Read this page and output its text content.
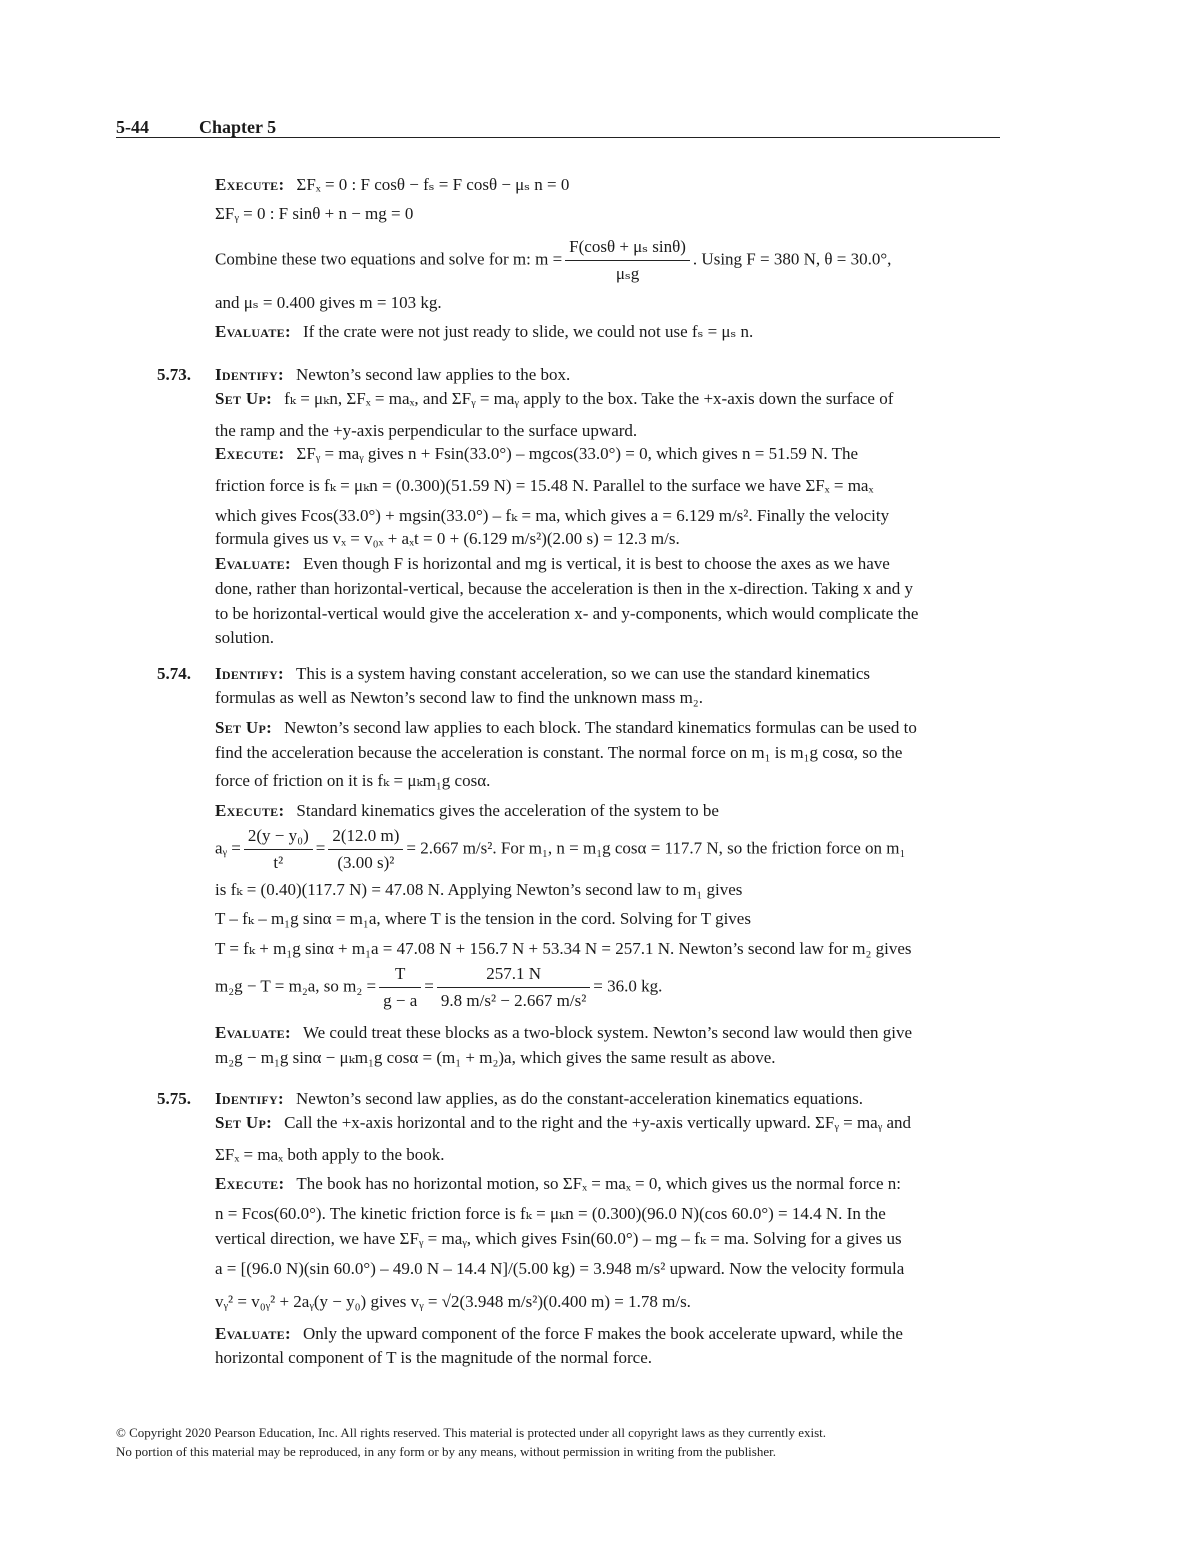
5-44	Chapter 5
Execute: ΣFₓ = 0 : F cosθ − fₛ = F cosθ − μₛ n = 0
ΣFᵧ = 0 : F sinθ + n − mg = 0
Combine these two equations and solve for m: $m = \frac{\text{F(cosθ + μₛ sinθ)}}{\text{μₛg}}$ . Using F = 380 N, θ = 30.0°,
and μₛ = 0.400 gives m = 103 kg.
Evaluate: If the crate were not just ready to slide, we could not use fₛ = μₛ n.
5.73. Identify: Newton’s second law applies to the box.
Set Up: fₖ = μₖn, ΣFₓ = maₓ, and ΣFᵧ = maᵧ apply to the box. Take the +x-axis down the surface of
the ramp and the +y-axis perpendicular to the surface upward.
Execute: ΣFᵧ = maᵧ gives n + Fsin(33.0°) – mgcos(33.0°) = 0, which gives n = 51.59 N. The
friction force is fₖ = μₖn = (0.300)(51.59 N) = 15.48 N. Parallel to the surface we have ΣFₓ = maₓ
which gives Fcos(33.0°) + mgsin(33.0°) – fₖ = ma, which gives a = 6.129 m/s². Finally the velocity
formula gives us vₓ = v₀ₓ + aₓt = 0 + (6.129 m/s²)(2.00 s) = 12.3 m/s.
Evaluate: Even though F is horizontal and mg is vertical, it is best to choose the axes as we have
done, rather than horizontal-vertical, because the acceleration is then in the x-direction. Taking x and y
to be horizontal-vertical would give the acceleration x- and y-components, which would complicate the
solution.
5.74. Identify: This is a system having constant acceleration, so we can use the standard kinematics
formulas as well as Newton’s second law to find the unknown mass m₂.
Set Up: Newton’s second law applies to each block. The standard kinematics formulas can be used to
find the acceleration because the acceleration is constant. The normal force on m₁ is m₁g cosα, so the
force of friction on it is fₖ = μₖm₁g cosα.
Execute: Standard kinematics gives the acceleration of the system to be
aᵧ = $\frac{\text{2(y − y₀)}}{\text{t²}} = \frac{2(12.0 m)}{\text{(3.00 s)²}} = 2.667$ m/s². For m₁, n = m₁g cosα = 117.7 N, so the friction force on m₁
is fₖ = (0.40)(117.7 N) = 47.08 N. Applying Newton’s second law to m₁ gives
T – fₖ – m₁g sinα = m₁a, where T is the tension in the cord. Solving for T gives
T = fₖ + m₁g sinα + m₁a = 47.08 N + 156.7 N + 53.34 N = 257.1 N. Newton’s second law for m₂ gives
m₂g − T = m₂a, so $m_2 = \frac{T}{g - a} = \frac{257.1 N}{\text{9.8 m/s² − 2.667 m/s²}} = 36.0$ kg.
Evaluate: We could treat these blocks as a two-block system. Newton’s second law would then give
m₂g − m₁g sinα − μₖm₁g cosα = (m₁ + m₂)a, which gives the same result as above.
5.75. Identify: Newton’s second law applies, as do the constant-acceleration kinematics equations.
Set Up: Call the +x-axis horizontal and to the right and the +y-axis vertically upward. ΣFᵧ = maᵧ and
ΣFₓ = maₓ both apply to the book.
Execute: The book has no horizontal motion, so ΣFₓ = maₓ = 0, which gives us the normal force n:
n = Fcos(60.0°). The kinetic friction force is fₖ = μₖn = (0.300)(96.0 N)(cos 60.0°) = 14.4 N. In the
vertical direction, we have ΣFᵧ = maᵧ, which gives Fsin(60.0°) – mg – fₖ = ma. Solving for a gives us
a = [(96.0 N)(sin 60.0°) – 49.0 N – 14.4 N]/(5.00 kg) = 3.948 m/s² upward. Now the velocity formula
vᵧ² = v₀ᵧ² + 2aᵧ(y − y₀) gives vᵧ = √2(3.948 m/s²)(0.400 m) = 1.78 m/s.
Evaluate: Only the upward component of the force F makes the book accelerate upward, while the
horizontal component of T is the magnitude of the normal force.
© Copyright 2020 Pearson Education, Inc. All rights reserved. This material is protected under all copyright laws as they currently exist.
No portion of this material may be reproduced, in any form or by any means, without permission in writing from the publisher.
